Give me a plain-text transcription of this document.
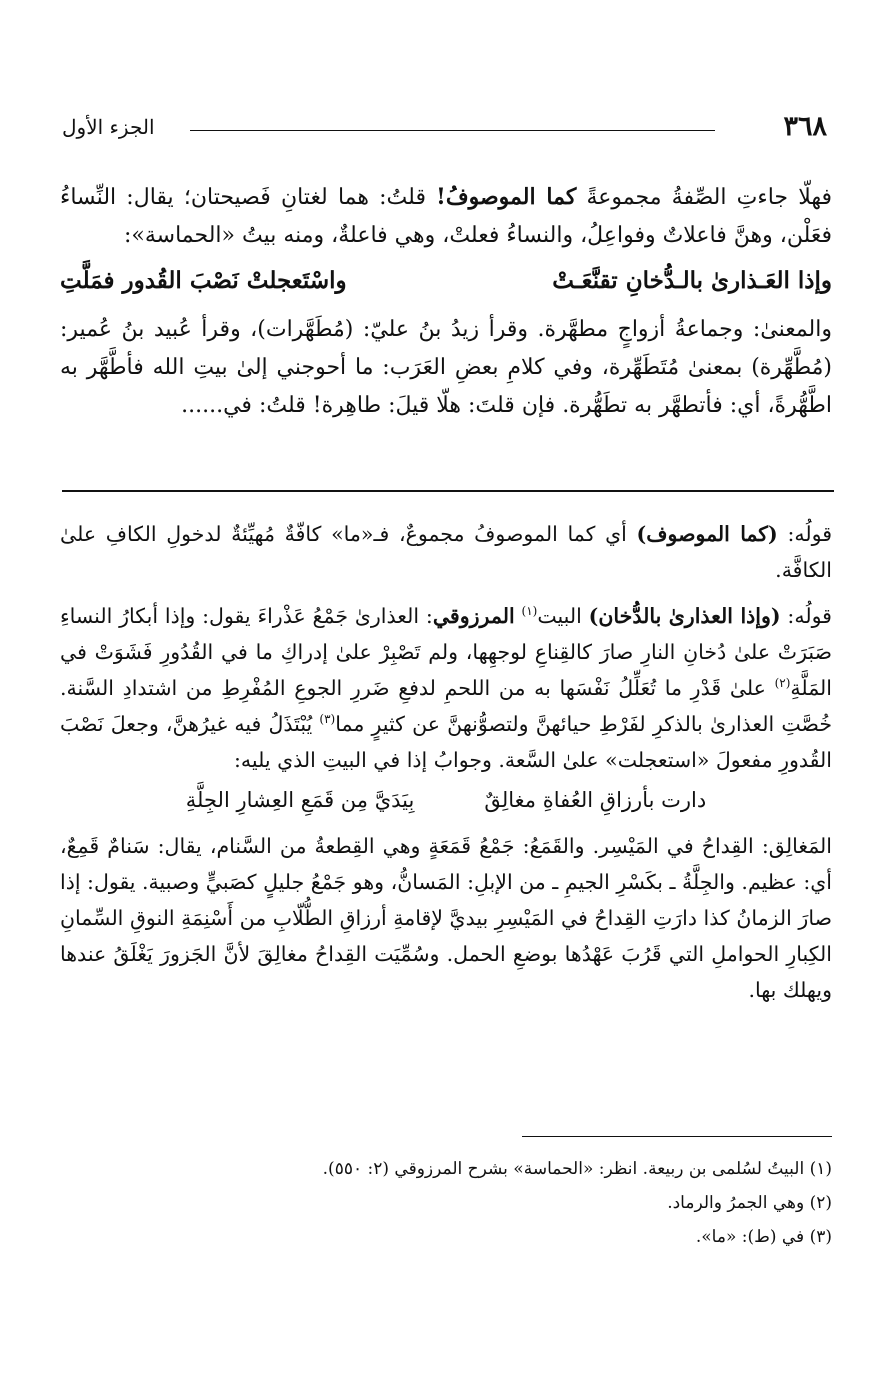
٣٦٨
الجزء الأول

فهلّا جاءتِ الصِّفةُ مجموعةً كما الموصوفُ! قلتُ: هما لغتانِ فَصيحتان؛ يقال: النِّساءُ فعَلْن، وهنَّ فاعلاتٌ وفواعِلُ، والنساءُ فعلتْ، وهي فاعلةٌ، ومنه بيتُ «الحماسة»:

وإذا العَـذارىٰ بالـدُّخانِ تقنَّعَـتْ
واسْتَعجلتْ نَصْبَ القُدور فمَلَّتِ

والمعنىٰ: وجماعةُ أزواجٍ مطهَّرة. وقرأ زيدُ بنُ عليّ: (مُطَهَّرات)، وقرأ عُبيد بنُ عُمير: (مُطَّهِّرة) بمعنىٰ مُتَطَهِّرة، وفي كلامِ بعضِ العَرَب: ما أحوجني إلىٰ بيتِ الله فأطَّهَّر به اطَّهُّرةً، أي: فأتطهَّر به تطَهُّرة. فإن قلتَ: هلّا قيلَ: طاهِرة! قلتُ: في......

قولُه: (كما الموصوف) أي كما الموصوفُ مجموعٌ، فـ«ما» كافّةٌ مُهيِّئةٌ لدخولِ الكافِ علىٰ الكافَّة.

قولُه: (وإذا العذارىٰ بالدُّخان) البيت$^{(١)}$ المرزوقي: العذارىٰ جَمْعُ عَذْراءَ يقول: وإذا أبكارُ النساءِ صَبَرَتْ علىٰ دُخانِ النارِ صارَ كالقِناعِ لوجهِها، ولم تَصْبِرْ علىٰ إدراكِ ما في القُدُورِ فَشَوَتْ في المَلَّةِ$^{(٢)}$ علىٰ قَدْرِ ما تُعَلِّلُ نَفْسَها به من اللحمِ لدفعِ ضَررِ الجوعِ المُفْرِطِ من اشتدادِ السَّنة. خُصَّتِ العذارىٰ بالذكرِ لفَرْطِ حيائهنَّ ولتصوُّنهنَّ عن كثيرٍ مما$^{(٣)}$ يُبْتَذَلُ فيه غيرُهنَّ، وجعلَ نَصْبَ القُدورِ مفعولَ «استعجلت» علىٰ السَّعة. وجوابُ إذا في البيتِ الذي يليه:

دارت بأرزاقِ العُفاةِ مغالِقٌ
بِيَدَيَّ مِن قَمَعِ العِشارِ الجِلَّةِ

المَغالِق: القِداحُ في المَيْسِر. والقَمَعُ: جَمْعُ قَمَعَةٍ وهي القِطعةُ من السَّنام، يقال: سَنامٌ قَمِعٌ، أي: عظيم. والجِلَّةُ ـ بكَسْرِ الجيمِ ـ من الإبلِ: المَسانُّ، وهو جَمْعُ جليلٍ كصَبيٍّ وصبية. يقول: إذا صارَ الزمانُ كذا دارَتِ القِداحُ في المَيْسِرِ بيديَّ لإقامةِ أرزاقِ الطُّلّابِ من أَسْنِمَةِ النوقِ السِّمانِ الكِبارِ الحواملِ التي قَرُبَ عَهْدُها بوضعِ الحمل. وسُمِّيَت القِداحُ مغالِقَ لأنَّ الجَزورَ يَغْلَقُ عندها ويهلك بها.

(١) البيتُ لسُلمى بن ربيعة. انظر: «الحماسة» بشرح المرزوقي (٢: ٥٥٠).

(٢) وهي الجمرُ والرماد.

(٣) في (ط): «ما».
